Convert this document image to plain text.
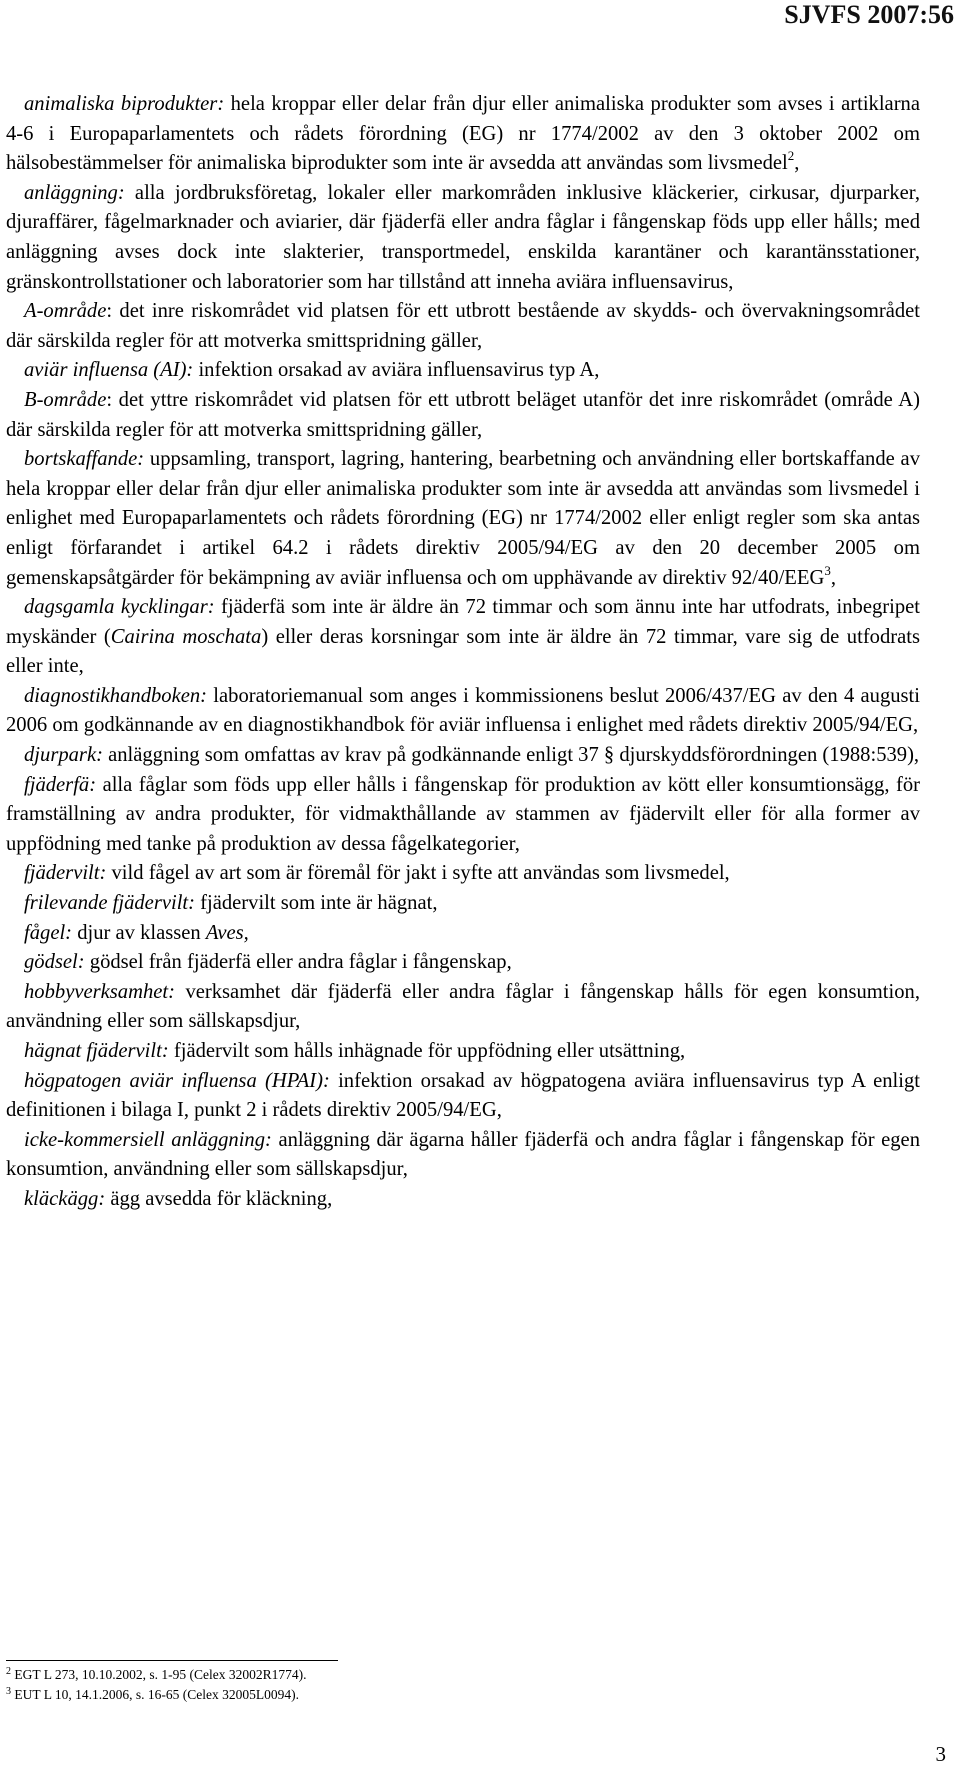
SJVFS 2007:56

animaliska biprodukter: hela kroppar eller delar från djur eller animaliska produkter som avses i artiklarna 4-6 i Europaparlamentets och rådets förordning (EG) nr 1774/2002 av den 3 oktober 2002 om hälsobestämmelser för animaliska biprodukter som inte är avsedda att användas som livsmedel$^2$,

anläggning: alla jordbruksföretag, lokaler eller markområden inklusive kläckerier, cirkusar, djurparker, djuraffärer, fågelmarknader och aviarier, där fjäderfä eller andra fåglar i fångenskap föds upp eller hålls; med anläggning avses dock inte slakterier, transportmedel, enskilda karantäner och karantänsstationer, gränskontrollstationer och laboratorier som har tillstånd att inneha aviära influensavirus,

A-område: det inre riskområdet vid platsen för ett utbrott bestående av skydds- och övervakningsområdet där särskilda regler för att motverka smittspridning gäller,

aviär influensa (AI): infektion orsakad av aviära influensavirus typ A,

B-område: det yttre riskområdet vid platsen för ett utbrott beläget utanför det inre riskområdet (område A) där särskilda regler för att motverka smittspridning gäller,

bortskaffande: uppsamling, transport, lagring, hantering, bearbetning och användning eller bortskaffande av hela kroppar eller delar från djur eller animaliska produkter som inte är avsedda att användas som livsmedel i enlighet med Europaparlamentets och rådets förordning (EG) nr 1774/2002 eller enligt regler som ska antas enligt förfarandet i artikel 64.2 i rådets direktiv 2005/94/EG av den 20 december 2005 om gemenskapsåtgärder för bekämpning av aviär influensa och om upphävande av direktiv 92/40/EEG$^3$,

dagsgamla kycklingar: fjäderfä som inte är äldre än 72 timmar och som ännu inte har utfodrats, inbegripet myskänder (Cairina moschata) eller deras korsningar som inte är äldre än 72 timmar, vare sig de utfodrats eller inte,

diagnostikhandboken: laboratoriemanual som anges i kommissionens beslut 2006/437/EG av den 4 augusti 2006 om godkännande av en diagnostikhandbok för aviär influensa i enlighet med rådets direktiv 2005/94/EG,

djurpark: anläggning som omfattas av krav på godkännande enligt 37 § djurskyddsförordningen (1988:539),

fjäderfä: alla fåglar som föds upp eller hålls i fångenskap för produktion av kött eller konsumtionsägg, för framställning av andra produkter, för vidmakthållande av stammen av fjädervilt eller för alla former av uppfödning med tanke på produktion av dessa fågelkategorier,

fjädervilt: vild fågel av art som är föremål för jakt i syfte att användas som livsmedel,

frilevande fjädervilt: fjädervilt som inte är hägnat,

fågel: djur av klassen Aves,

gödsel: gödsel från fjäderfä eller andra fåglar i fångenskap,

hobbyverksamhet: verksamhet där fjäderfä eller andra fåglar i fångenskap hålls för egen konsumtion, användning eller som sällskapsdjur,

hägnat fjädervilt: fjädervilt som hålls inhägnade för uppfödning eller utsättning,

högpatogen aviär influensa (HPAI): infektion orsakad av högpatogena aviära influensavirus typ A enligt definitionen i bilaga I, punkt 2 i rådets direktiv 2005/94/EG,

icke-kommersiell anläggning: anläggning där ägarna håller fjäderfä och andra fåglar i fångenskap för egen konsumtion, användning eller som sällskapsdjur,

kläckägg: ägg avsedda för kläckning,

$^2$ EGT L 273, 10.10.2002, s. 1-95 (Celex 32002R1774).
$^3$ EUT L 10, 14.1.2006, s. 16-65 (Celex 32005L0094).
3
